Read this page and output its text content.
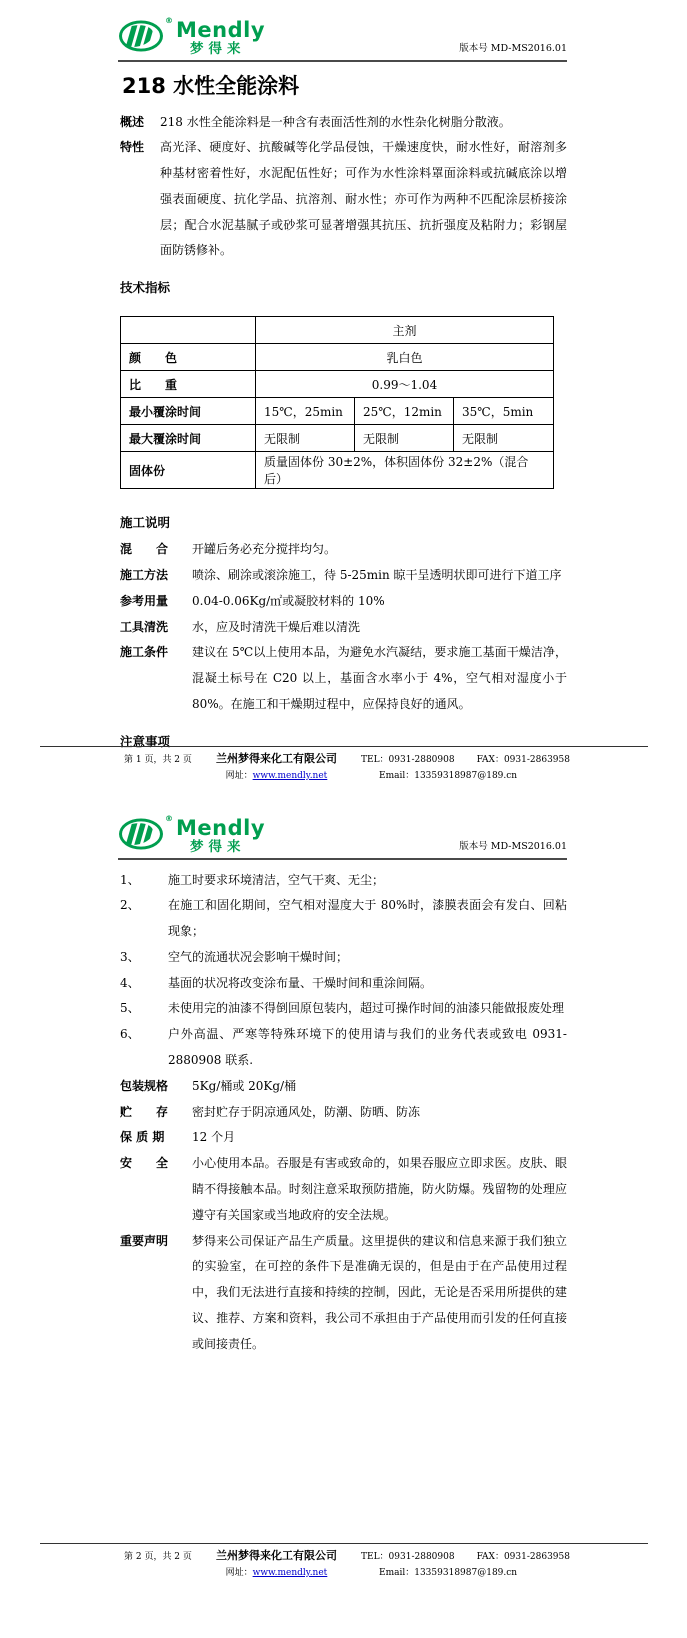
® Mendly
梦得来	版本号 MD-MS2016.01
218 水性全能涂料
概述	218 水性全能涂料是一种含有表面活性剂的水性杂化树脂分散液。
特性	高光泽、硬度好、抗酸碱等化学品侵蚀，干燥速度快，耐水性好，耐溶剂多种基材密着性好，水泥配伍性好；可作为水性涂料罩面涂料或抗碱底涂以增强表面硬度、抗化学品、抗溶剂、耐水性；亦可作为两种不匹配涂层桥接涂层；配合水泥基腻子或砂浆可显著增强其抗压、抗折强度及粘附力；彩钢屋面防锈修补。
技术指标
	主剂		
颜　　色	乳白色		
比　　重	0.99～1.04		
最小覆涂时间	15℃，25min	25℃，12min	35℃，5min
最大覆涂时间	无限制	无限制	无限制
固体份	质量固体份 30±2%，体积固体份 32±2%（混合后）		
施工说明
混　　合	开罐后务必充分搅拌均匀。
施工方法	喷涂、刷涂或滚涂施工，待 5-25min 晾干呈透明状即可进行下道工序
参考用量	0.04-0.06Kg/㎡或凝胶材料的 10%
工具清洗	水，应及时清洗干燥后难以清洗
施工条件	建议在 5℃以上使用本品，为避免水汽凝结，要求施工基面干燥洁净，混凝土标号在 C20 以上，基面含水率小于 4%，空气相对湿度小于 80%。在施工和干燥期过程中，应保持良好的通风。
注意事项
第 1 页，共 2 页 兰州梦得来化工有限公司
网址：www.mendly.net
TEL：0931-2880908 FAX：0931-2863958
Email：13359318987@189.cn
® Mendly
梦得来	版本号 MD-MS2016.01
1、	施工时要求环境清洁，空气干爽、无尘；
2、	在施工和固化期间，空气相对湿度大于 80%时，漆膜表面会有发白、回粘现象；
3、	空气的流通状况会影响干燥时间；
4、	基面的状况将改变涂布量、干燥时间和重涂间隔。
5、	未使用完的油漆不得倒回原包装内，超过可操作时间的油漆只能做报废处理
6、	户外高温、严寒等特殊环境下的使用请与我们的业务代表或致电 0931-2880908 联系.
包装规格	5Kg/桶或 20Kg/桶
贮　　存	密封贮存于阴凉通风处，防潮、防晒、防冻
保 质 期	12 个月
安　　全	小心使用本品。吞服是有害或致命的，如果吞服应立即求医。皮肤、眼睛不得接触本品。时刻注意采取预防措施，防火防爆。残留物的处理应遵守有关国家或当地政府的安全法规。
重要声明	梦得来公司保证产品生产质量。这里提供的建议和信息来源于我们独立的实验室，在可控的条件下是准确无误的，但是由于在产品使用过程中，我们无法进行直接和持续的控制，因此，无论是否采用所提供的建议、推荐、方案和资料，我公司不承担由于产品使用而引发的任何直接或间接责任。
第 2 页，共 2 页 兰州梦得来化工有限公司
网址：www.mendly.net
TEL：0931-2880908 FAX：0931-2863958
Email：13359318987@189.cn
